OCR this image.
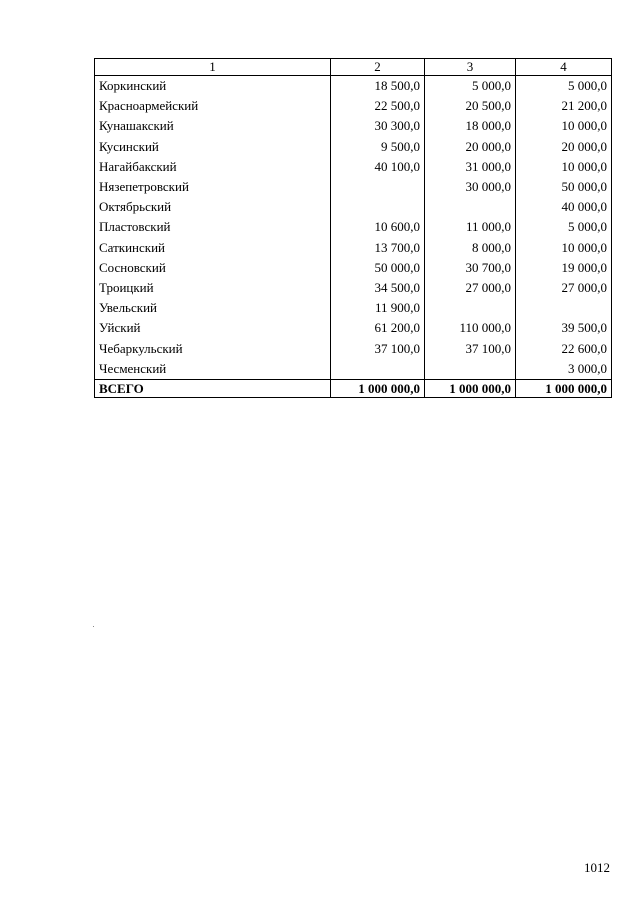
1	2	3	4
Коркинский	18 500,0	5 000,0	5 000,0
Красноармейский	22 500,0	20 500,0	21 200,0
Кунашакский	30 300,0	18 000,0	10 000,0
Кусинский	9 500,0	20 000,0	20 000,0
Нагайбакский	40 100,0	31 000,0	10 000,0
Нязепетровский		30 000,0	50 000,0
Октябрьский			40 000,0
Пластовский	10 600,0	11 000,0	5 000,0
Саткинский	13 700,0	8 000,0	10 000,0
Сосновский	50 000,0	30 700,0	19 000,0
Троицкий	34 500,0	27 000,0	27 000,0
Увельский	11 900,0		
Уйский	61 200,0	110 000,0	39 500,0
Чебаркульский	37 100,0	37 100,0	22 600,0
Чесменский			3 000,0
ВСЕГО	1 000 000,0	1 000 000,0	1 000 000,0
1012
